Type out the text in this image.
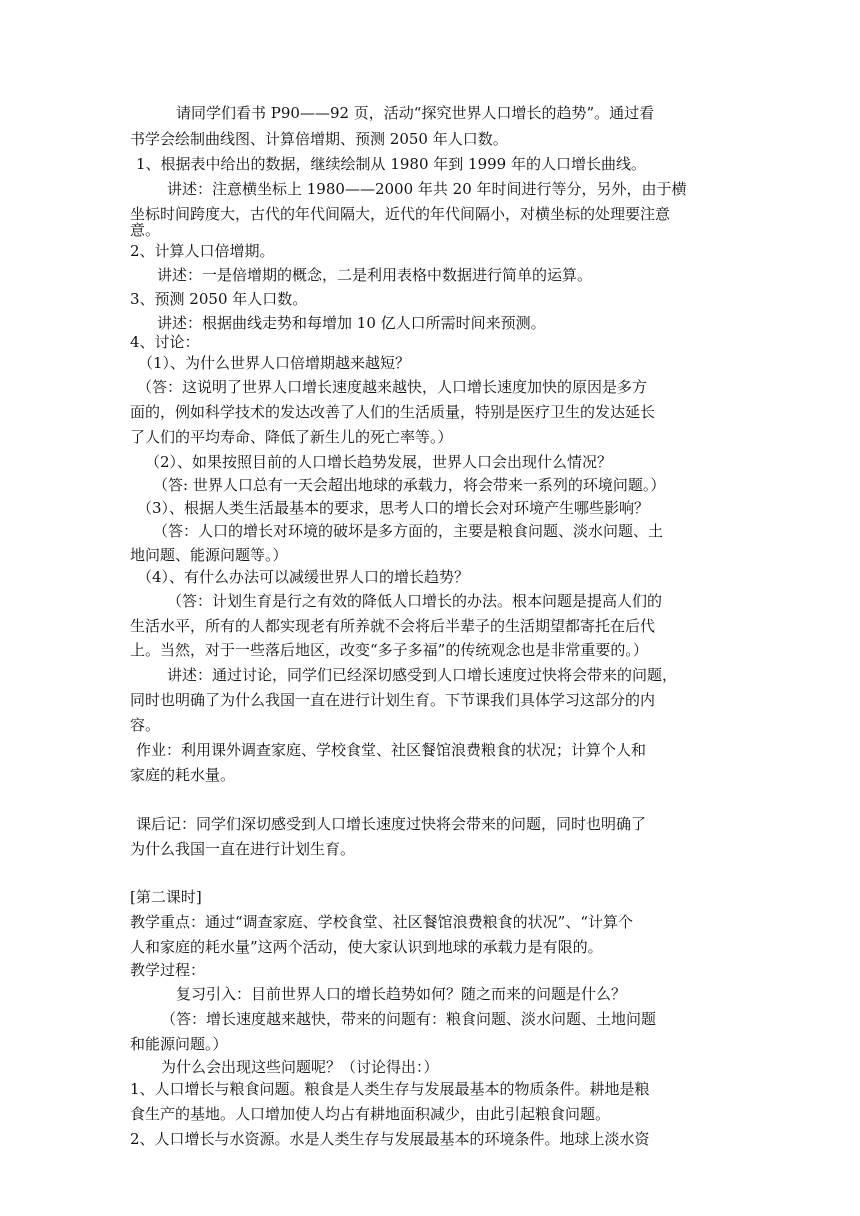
请同学们看书 P90——92 页，活动“探究世界人口增长的趋势”。通过看
书学会绘制曲线图、计算倍增期、预测 2050 年人口数。
1、根据表中给出的数据，继续绘制从 1980 年到 1999 年的人口增长曲线。
讲述：注意横坐标上 1980——2000 年共 20 年时间进行等分，另外，由于横
坐标时间跨度大，古代的年代间隔大，近代的年代间隔小，对横坐标的处理要注意
意。
2、计算人口倍增期。
讲述：一是倍增期的概念，二是利用表格中数据进行简单的运算。
3、预测 2050 年人口数。
讲述：根据曲线走势和每增加 10 亿人口所需时间来预测。
4、讨论：
（1）、为什么世界人口倍增期越来越短？
（答：这说明了世界人口增长速度越来越快，人口增长速度加快的原因是多方
面的，例如科学技术的发达改善了人们的生活质量，特别是医疗卫生的发达延长
了人们的平均寿命、降低了新生儿的死亡率等。）
（2）、如果按照目前的人口增长趋势发展，世界人口会出现什么情况？
（答: 世界人口总有一天会超出地球的承载力，将会带来一系列的环境问题。）
（3）、根据人类生活最基本的要求，思考人口的增长会对环境产生哪些影响？
（答：人口的增长对环境的破坏是多方面的，主要是粮食问题、淡水问题、土
地问题、能源问题等。）
（4）、有什么办法可以减缓世界人口的增长趋势？
（答：计划生育是行之有效的降低人口增长的办法。根本问题是提高人们的
生活水平，所有的人都实现老有所养就不会将后半辈子的生活期望都寄托在后代
上。当然，对于一些落后地区，改变“多子多福”的传统观念也是非常重要的。）
讲述：通过讨论，同学们已经深切感受到人口增长速度过快将会带来的问题，
同时也明确了为什么我国一直在进行计划生育。下节课我们具体学习这部分的内
容。
作业：利用课外调查家庭、学校食堂、社区餐馆浪费粮食的状况；计算个人和
家庭的耗水量。
课后记：同学们深切感受到人口增长速度过快将会带来的问题，同时也明确了
为什么我国一直在进行计划生育。
[第二课时]
教学重点：通过“调查家庭、学校食堂、社区餐馆浪费粮食的状况”、“计算个
人和家庭的耗水量”这两个活动，使大家认识到地球的承载力是有限的。
教学过程：
复习引入：目前世界人口的增长趋势如何？随之而来的问题是什么？
（答：增长速度越来越快，带来的问题有：粮食问题、淡水问题、土地问题
和能源问题。）
为什么会出现这些问题呢？（讨论得出：）
1、人口增长与粮食问题。粮食是人类生存与发展最基本的物质条件。耕地是粮
食生产的基地。人口增加使人均占有耕地面积减少，由此引起粮食问题。
2、人口增长与水资源。水是人类生存与发展最基本的环境条件。地球上淡水资
